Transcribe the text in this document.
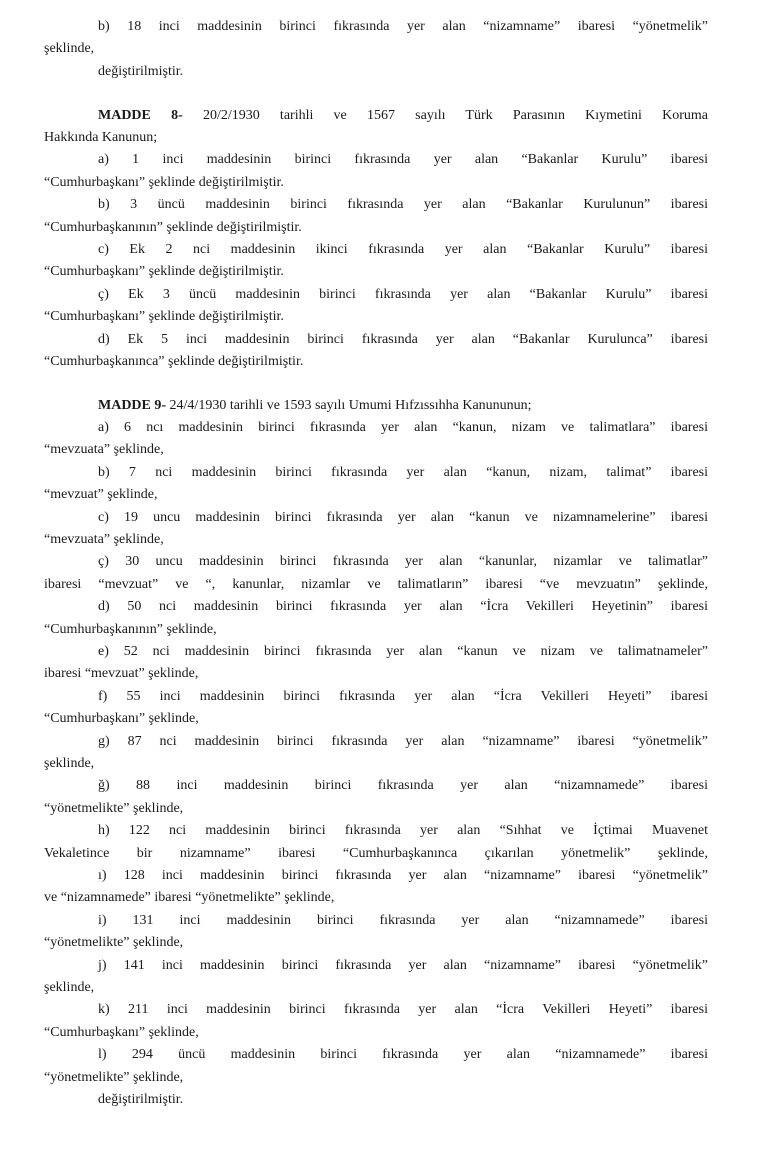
b) 18 inci maddesinin birinci fıkrasında yer alan “nizamname” ibaresi “yönetmelik”
şeklinde,
değiştirilmiştir.
MADDE 8- 20/2/1930 tarihli ve 1567 sayılı Türk Parasının Kıymetini Koruma
Hakkında Kanunun;
a) 1 inci maddesinin birinci fıkrasında yer alan “Bakanlar Kurulu” ibaresi
“Cumhurbaşkanı” şeklinde değiştirilmiştir.
b) 3 üncü maddesinin birinci fıkrasında yer alan “Bakanlar Kurulunun” ibaresi
“Cumhurbaşkanının” şeklinde değiştirilmiştir.
c) Ek 2 nci maddesinin ikinci fıkrasında yer alan “Bakanlar Kurulu” ibaresi
“Cumhurbaşkanı” şeklinde değiştirilmiştir.
ç) Ek 3 üncü maddesinin birinci fıkrasında yer alan “Bakanlar Kurulu” ibaresi
“Cumhurbaşkanı” şeklinde değiştirilmiştir.
d) Ek 5 inci maddesinin birinci fıkrasında yer alan “Bakanlar Kurulunca” ibaresi
“Cumhurbaşkanınca” şeklinde değiştirilmiştir.
MADDE 9- 24/4/1930 tarihli ve 1593 sayılı Umumi Hıfzıssıhha Kanununun;
a) 6 ncı maddesinin birinci fıkrasında yer alan “kanun, nizam ve talimatlara” ibaresi
“mevzuata” şeklinde,
b) 7 nci maddesinin birinci fıkrasında yer alan “kanun, nizam, talimat” ibaresi
“mevzuat” şeklinde,
c) 19 uncu maddesinin birinci fıkrasında yer alan “kanun ve nizamnamelerine” ibaresi
“mevzuata” şeklinde,
ç) 30 uncu maddesinin birinci fıkrasında yer alan “kanunlar, nizamlar ve talimatlar”
ibaresi “mevzuat” ve “, kanunlar, nizamlar ve talimatların” ibaresi “ve mevzuatın” şeklinde,
d) 50 nci maddesinin birinci fıkrasında yer alan “İcra Vekilleri Heyetinin” ibaresi
“Cumhurbaşkanının” şeklinde,
e) 52 nci maddesinin birinci fıkrasında yer alan “kanun ve nizam ve talimatnameler”
ibaresi “mevzuat” şeklinde,
f) 55 inci maddesinin birinci fıkrasında yer alan “İcra Vekilleri Heyeti” ibaresi
“Cumhurbaşkanı” şeklinde,
g) 87 nci maddesinin birinci fıkrasında yer alan “nizamname” ibaresi “yönetmelik”
şeklinde,
ğ) 88 inci maddesinin birinci fıkrasında yer alan “nizamnamede” ibaresi
“yönetmelikte” şeklinde,
h) 122 nci maddesinin birinci fıkrasında yer alan “Sıhhat ve İçtimai Muavenet
Vekaletince bir nizamname” ibaresi “Cumhurbaşkanınca çıkarılan yönetmelik” şeklinde,
ı) 128 inci maddesinin birinci fıkrasında yer alan “nizamname” ibaresi “yönetmelik”
ve “nizamnamede” ibaresi “yönetmelikte” şeklinde,
i) 131 inci maddesinin birinci fıkrasında yer alan “nizamnamede” ibaresi
“yönetmelikte” şeklinde,
j) 141 inci maddesinin birinci fıkrasında yer alan “nizamname” ibaresi “yönetmelik”
şeklinde,
k) 211 inci maddesinin birinci fıkrasında yer alan “İcra Vekilleri Heyeti” ibaresi
“Cumhurbaşkanı” şeklinde,
l) 294 üncü maddesinin birinci fıkrasında yer alan “nizamnamede” ibaresi
“yönetmelikte” şeklinde,
değiştirilmiştir.
